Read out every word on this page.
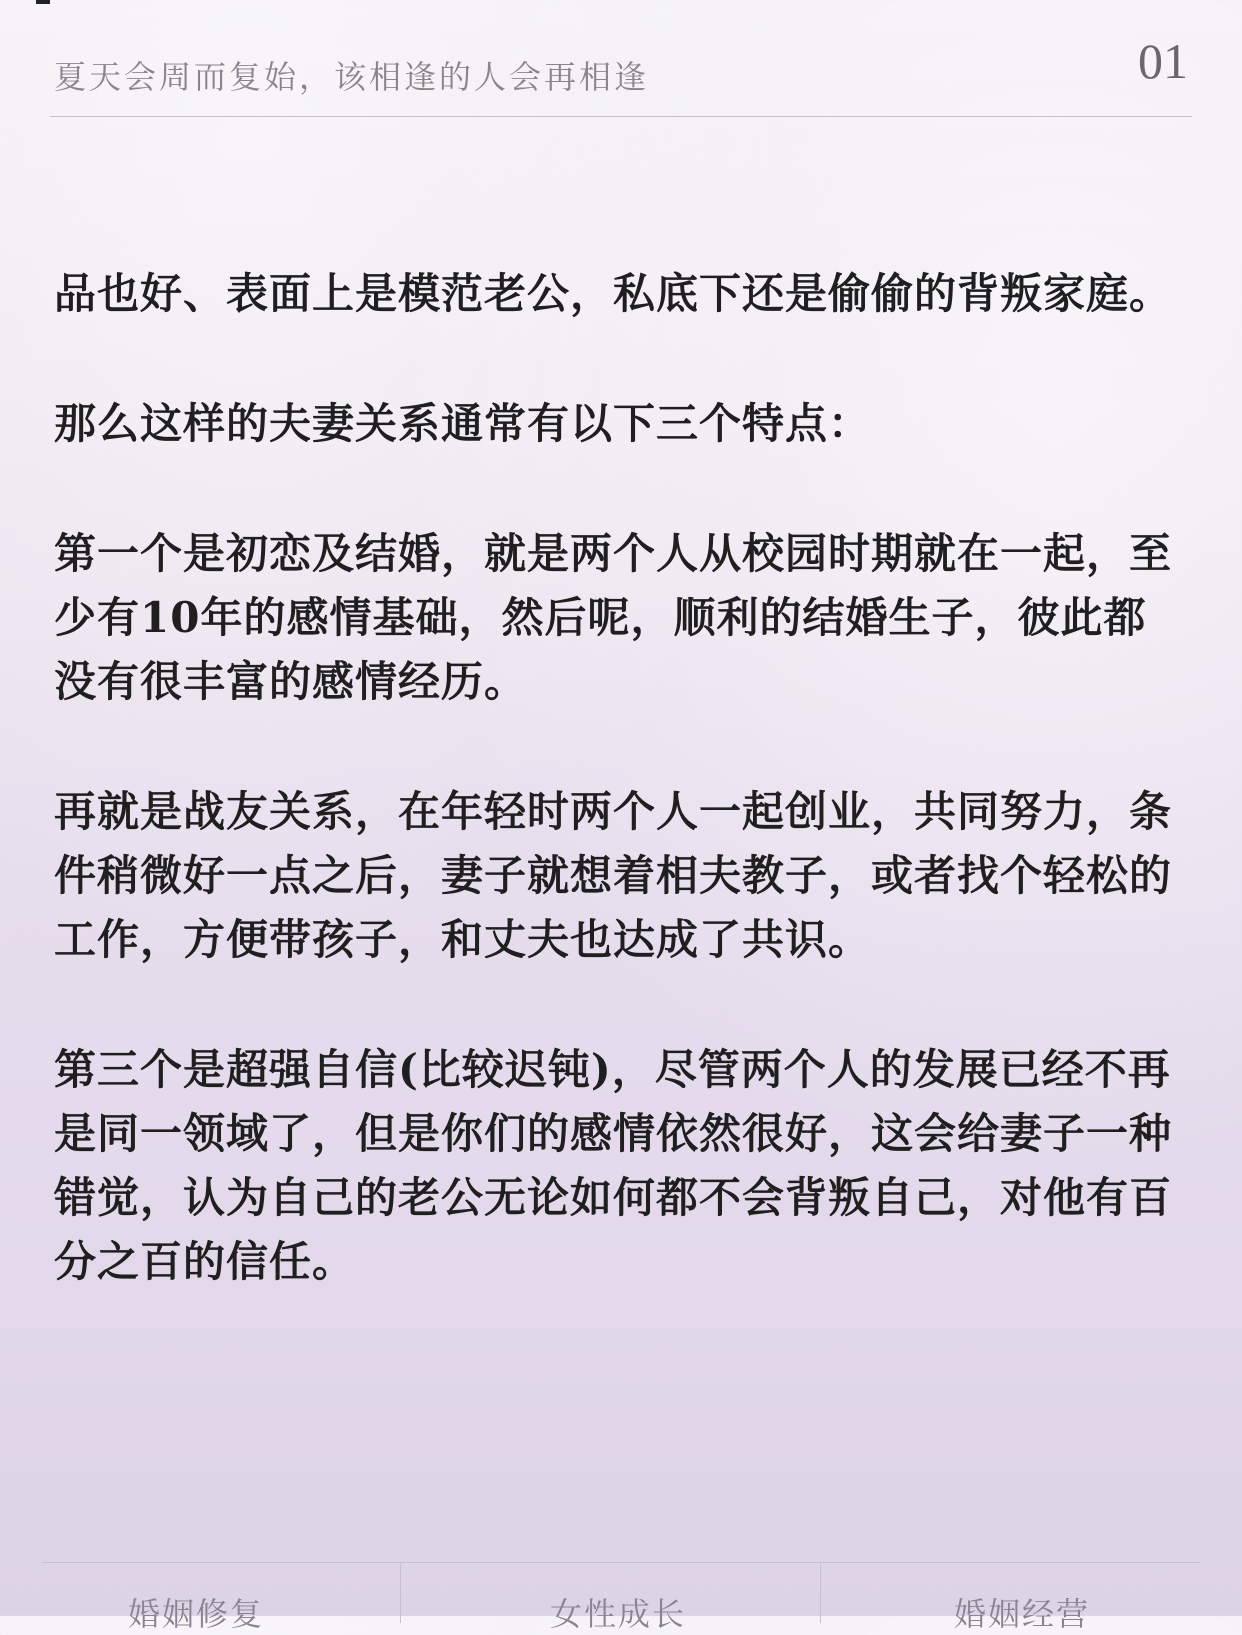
夏天会周而复始，该相逢的人会再相逢	01

品也好、表面上是模范老公，私底下还是偷偷的背叛家庭。

那么这样的夫妻关系通常有以下三个特点：

第一个是初恋及结婚，就是两个人从校园时期就在一起，至少有10年的感情基础，然后呢，顺利的结婚生子，彼此都没有很丰富的感情经历。

再就是战友关系，在年轻时两个人一起创业，共同努力，条件稍微好一点之后，妻子就想着相夫教子，或者找个轻松的工作，方便带孩子，和丈夫也达成了共识。

第三个是超强自信(比较迟钝)，尽管两个人的发展已经不再是同一领域了，但是你们的感情依然很好，这会给妻子一种错觉，认为自己的老公无论如何都不会背叛自己，对他有百分之百的信任。

婚姻修复	女性成长	婚姻经营
